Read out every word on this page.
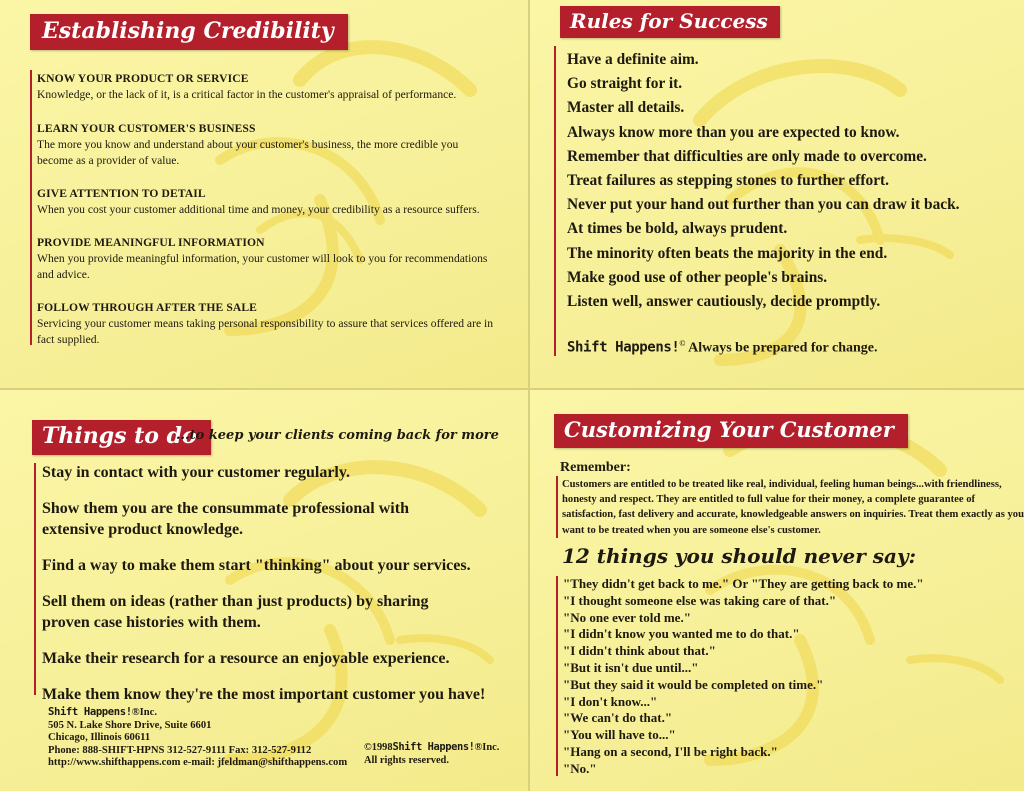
Establishing Credibility
KNOW YOUR PRODUCT OR SERVICE
Knowledge, or the lack of it, is a critical factor in the customer's appraisal of performance.
LEARN YOUR CUSTOMER'S BUSINESS
The more you know and understand about your customer's business, the more credible you become as a provider of value.
GIVE ATTENTION TO DETAIL
When you cost your customer additional time and money, your credibility as a resource suffers.
PROVIDE MEANINGFUL INFORMATION
When you provide meaningful information, your customer will look to you for recommendations and advice.
FOLLOW THROUGH AFTER THE SALE
Servicing your customer means taking personal responsibility to assure that services offered are in fact supplied.
Rules for Success
Have a definite aim.
Go straight for it.
Master all details.
Always know more than you are expected to know.
Remember that difficulties are only made to overcome.
Treat failures as stepping stones to further effort.
Never put your hand out further than you can draw it back.
At times be bold, always prudent.
The minority often beats the majority in the end.
Make good use of other people's brains.
Listen well, answer cautiously, decide promptly.
Shift Happens!© Always be prepared for change.
Things to do
...to keep your clients coming back for more
Stay in contact with your customer regularly.
Show them you are the consummate professional with extensive product knowledge.
Find a way to make them start "thinking" about your services.
Sell them on ideas (rather than just products) by sharing proven case histories with them.
Make their research for a resource an enjoyable experience.
Make them know they're the most important customer you have!
Shift Happens!®Inc.
505 N. Lake Shore Drive, Suite 6601
Chicago, Illinois 60611
Phone: 888-SHIFT-HPNS 312-527-9111 Fax: 312-527-9112
http://www.shifthappens.com e-mail: jfeldman@shifthappens.com
©1998Shift Happens!®Inc.
All rights reserved.
Customizing Your Customer
Remember:
Customers are entitled to be treated like real, individual, feeling human beings...with friendliness, honesty and respect. They are entitled to full value for their money, a complete guarantee of satisfaction, fast delivery and accurate, knowledgeable answers on inquiries. Treat them exactly as you want to be treated when you are someone else's customer.
12 things you should never say:
"They didn't get back to me." Or "They are getting back to me."
"I thought someone else was taking care of that."
"No one ever told me."
"I didn't know you wanted me to do that."
"I didn't think about that."
"But it isn't due until..."
"But they said it would be completed on time."
"I don't know..."
"We can't do that."
"You will have to..."
"Hang on a second, I'll be right back."
"No."
